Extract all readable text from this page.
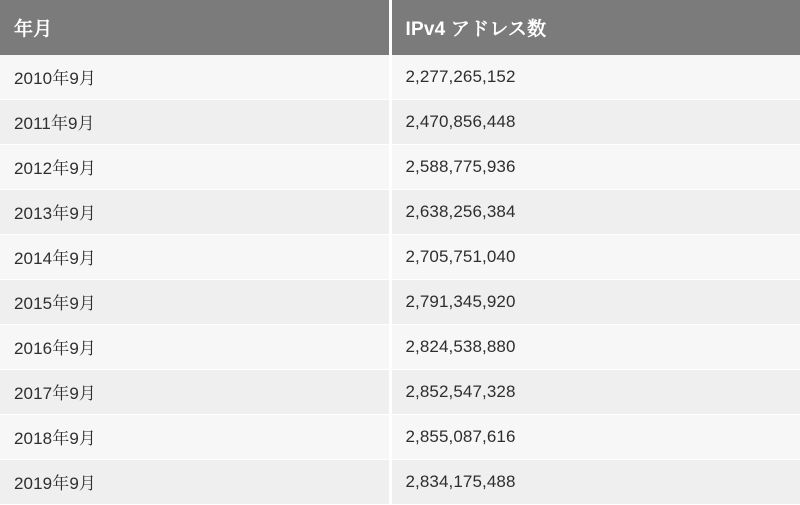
年月	IPv4 アドレス数
2010年9月	2,277,265,152
2011年9月	2,470,856,448
2012年9月	2,588,775,936
2013年9月	2,638,256,384
2014年9月	2,705,751,040
2015年9月	2,791,345,920
2016年9月	2,824,538,880
2017年9月	2,852,547,328
2018年9月	2,855,087,616
2019年9月	2,834,175,488
